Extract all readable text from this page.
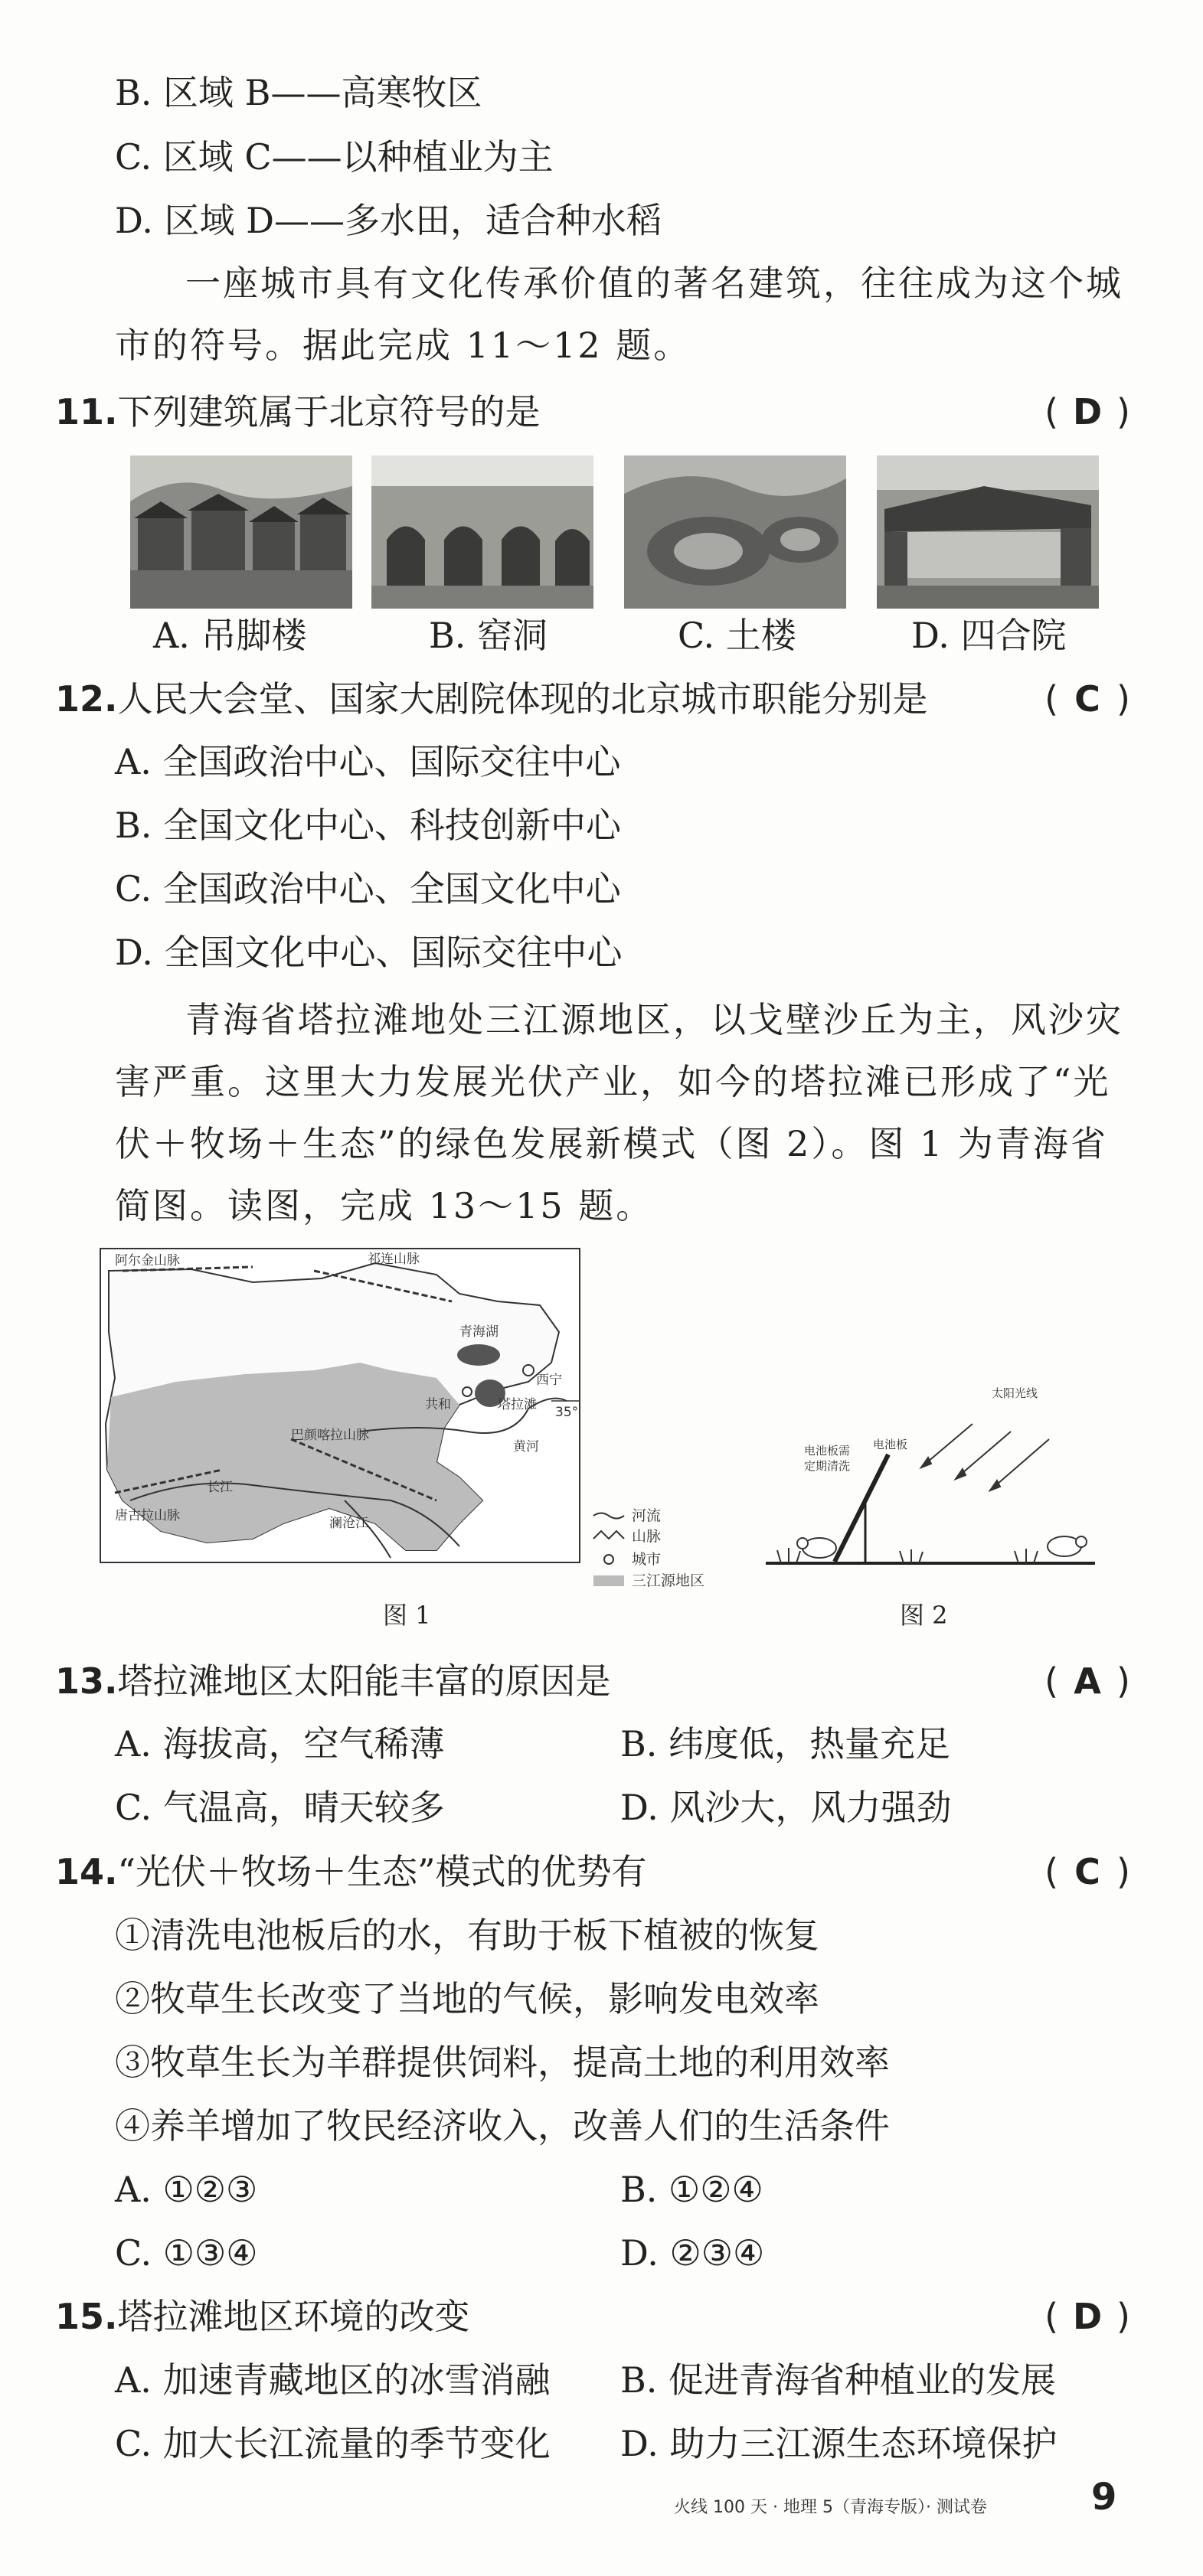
B. 区域 B——高寒牧区
C. 区域 C——以种植业为主
D. 区域 D——多水田，适合种水稻
一座城市具有文化传承价值的著名建筑，往往成为这个城市的符号。据此完成 11～12 题。
11.下列建筑属于北京符号的是	( D )
A. 吊脚楼	B. 窑洞	C. 土楼	D. 四合院
12.人民大会堂、国家大剧院体现的北京城市职能分别是	( C )
A. 全国政治中心、国际交往中心
B. 全国文化中心、科技创新中心
C. 全国政治中心、全国文化中心
D. 全国文化中心、国际交往中心
青海省塔拉滩地处三江源地区，以戈壁沙丘为主，风沙灾害严重。这里大力发展光伏产业，如今的塔拉滩已形成了“光伏＋牧场＋生态”的绿色发展新模式（图 2）。图 1 为青海省简图。读图，完成 13～15 题。
阿尔金山脉	祁连山脉
青海湖
西宁
共和	塔拉滩 35°
唐古拉山脉
巴颜喀拉山脉
长江
澜沧江
黄河
河流
山脉
城市
三江源地区
图 1
太阳光线
电池板
电池板需
定期清洗
图 2
13.塔拉滩地区太阳能丰富的原因是	( A )
A. 海拔高，空气稀薄	B. 纬度低，热量充足
C. 气温高，晴天较多	D. 风沙大，风力强劲
14.“光伏＋牧场＋生态”模式的优势有	( C )
①清洗电池板后的水，有助于板下植被的恢复
②牧草生长改变了当地的气候，影响发电效率
③牧草生长为羊群提供饲料，提高土地的利用效率
④养羊增加了牧民经济收入，改善人们的生活条件
A. ①②③	B. ①②④
C. ①③④	D. ②③④
15.塔拉滩地区环境的改变	( D )
A. 加速青藏地区的冰雪消融 B. 促进青海省种植业的发展
C. 加大长江流量的季节变化 D. 助力三江源生态环境保护
火线 100 天 · 地理 5（青海专版）· 测试卷	9
